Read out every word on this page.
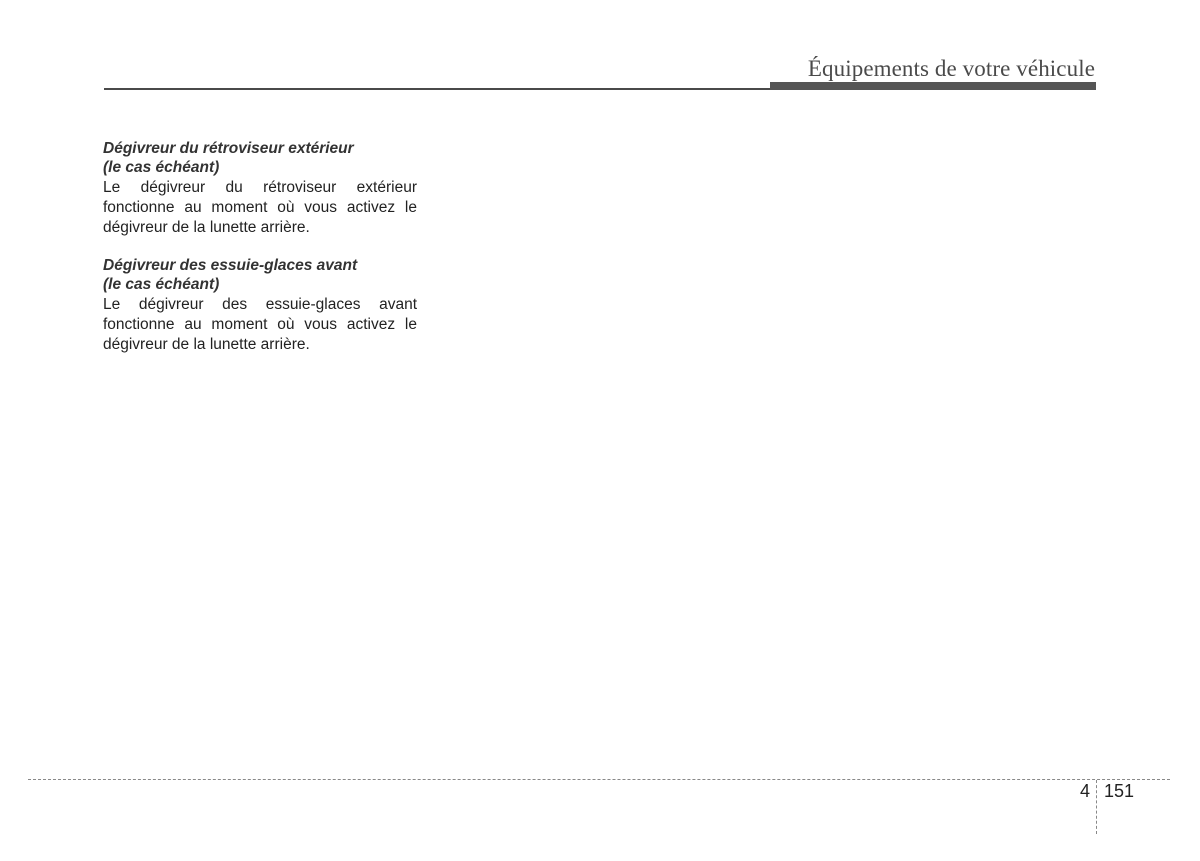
Équipements de votre véhicule
Dégivreur du rétroviseur extérieur
(le cas échéant)
Le dégivreur du rétroviseur extérieur fonctionne au moment où vous activez le dégivreur de la lunette arrière.
Dégivreur des essuie-glaces avant
(le cas échéant)
Le dégivreur des essuie-glaces avant fonctionne au moment où vous activez le dégivreur de la lunette arrière.
4 151
